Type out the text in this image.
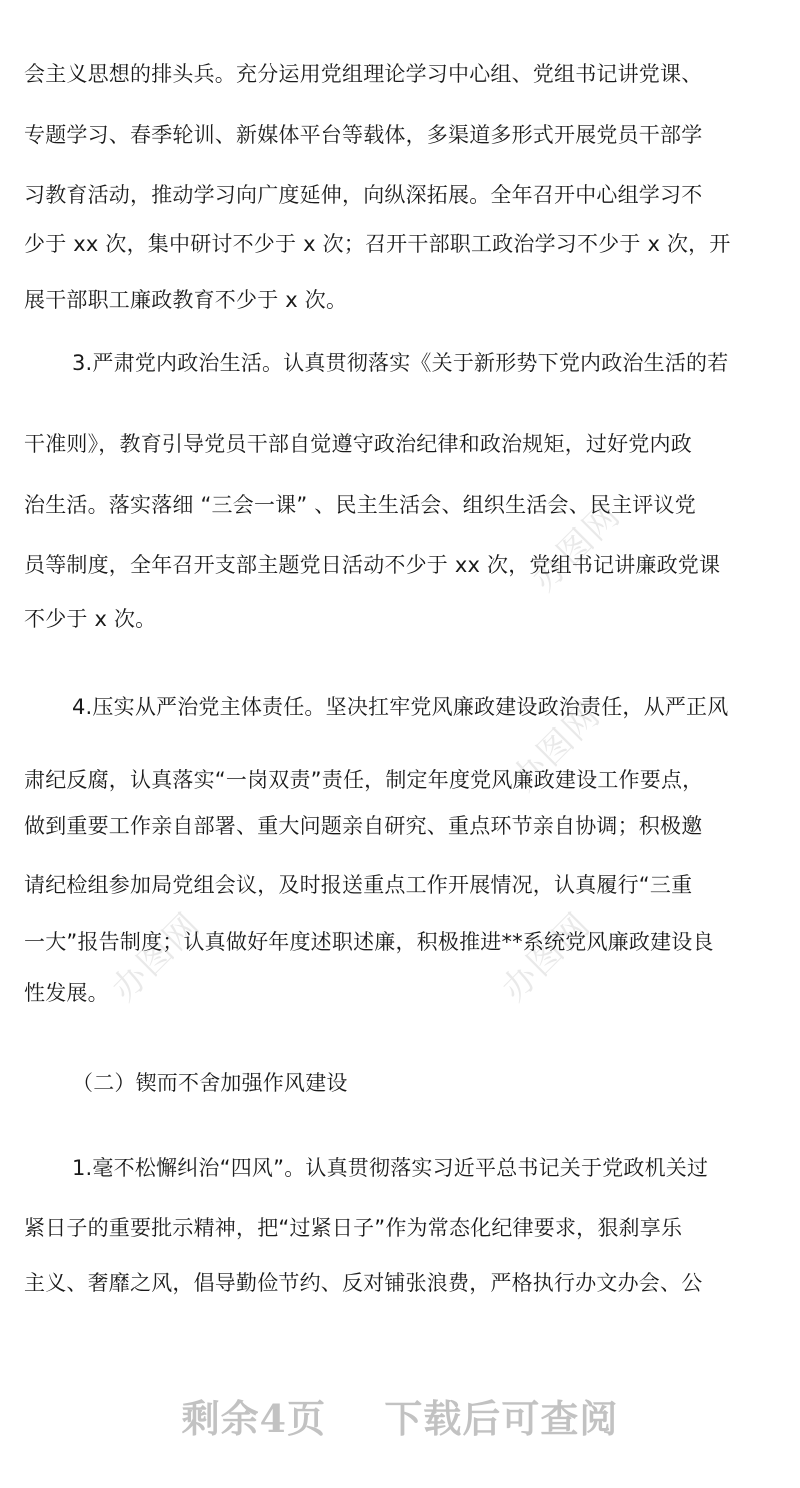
办图网
办图网
办图网	办图网
会主义思想的排头兵。充分运用党组理论学习中心组、党组书记讲党课、
专题学习、春季轮训、新媒体平台等载体，多渠道多形式开展党员干部学
习教育活动，推动学习向广度延伸，向纵深拓展。全年召开中心组学习不
少于 xx 次，集中研讨不少于 x 次；召开干部职工政治学习不少于 x 次，开
展干部职工廉政教育不少于 x 次。
3.严肃党内政治生活。认真贯彻落实《关于新形势下党内政治生活的若
干准则》，教育引导党员干部自觉遵守政治纪律和政治规矩，过好党内政
治生活。落实落细 “三会一课” 、民主生活会、组织生活会、民主评议党
员等制度，全年召开支部主题党日活动不少于 xx 次，党组书记讲廉政党课
不少于 x 次。
4.压实从严治党主体责任。坚决扛牢党风廉政建设政治责任，从严正风
肃纪反腐，认真落实“一岗双责”责任，制定年度党风廉政建设工作要点，
做到重要工作亲自部署、重大问题亲自研究、重点环节亲自协调；积极邀
请纪检组参加局党组会议，及时报送重点工作开展情况，认真履行“三重
一大”报告制度；认真做好年度述职述廉，积极推进**系统党风廉政建设良
性发展。
（二）锲而不舍加强作风建设
1.毫不松懈纠治“四风”。认真贯彻落实习近平总书记关于党政机关过
紧日子的重要批示精神，把“过紧日子”作为常态化纪律要求，狠刹享乐
主义、奢靡之风，倡导勤俭节约、反对铺张浪费，严格执行办文办会、公
剩余4页 下载后可查阅
